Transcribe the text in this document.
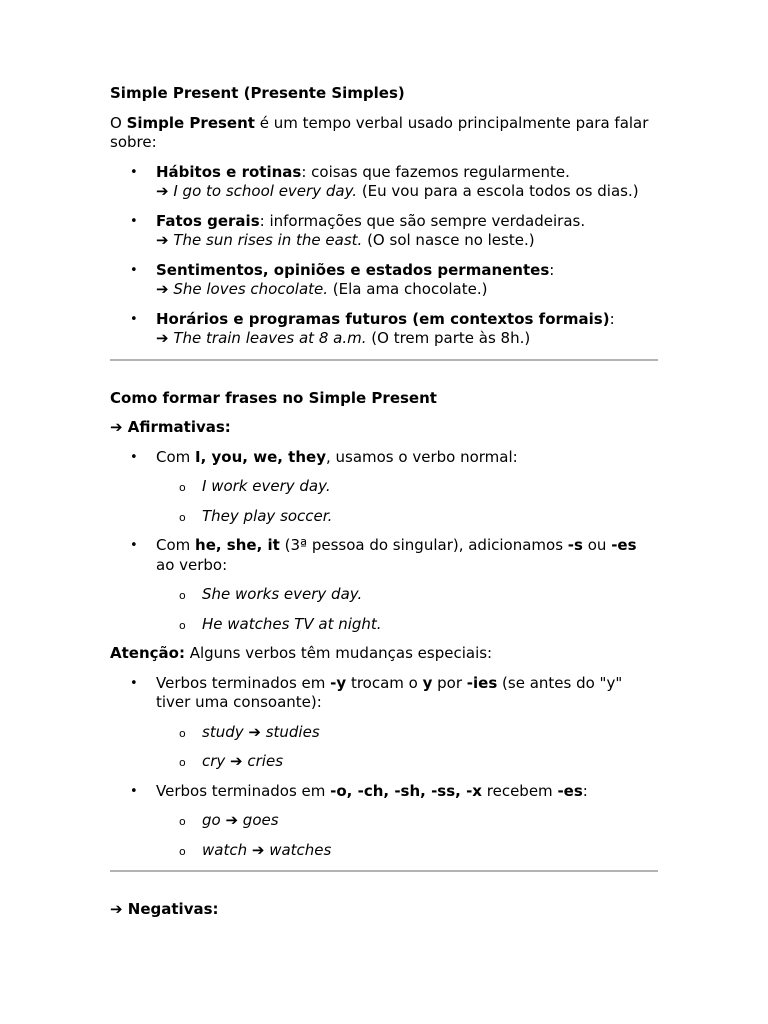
Simple Present (Presente Simples)

O Simple Present é um tempo verbal usado principalmente para falar sobre:

• Hábitos e rotinas: coisas que fazemos regularmente.
➔ I go to school every day. (Eu vou para a escola todos os dias.)
• Fatos gerais: informações que são sempre verdadeiras.
➔ The sun rises in the east. (O sol nasce no leste.)
• Sentimentos, opiniões e estados permanentes:
➔ She loves chocolate. (Ela ama chocolate.)
• Horários e programas futuros (em contextos formais):
➔ The train leaves at 8 a.m. (O trem parte às 8h.)
Como formar frases no Simple Present
➔ Afirmativas:
• Com I, you, we, they, usamos o verbo normal:
o I work every day.
o They play soccer.
• Com he, she, it (3ª pessoa do singular), adicionamos -s ou -es ao verbo:
o She works every day.
o He watches TV at night.

Atenção: Alguns verbos têm mudanças especiais:

• Verbos terminados em -y trocam o y por -ies (se antes do "y" tiver uma consoante):
o study ➔ studies
o cry ➔ cries
• Verbos terminados em -o, -ch, -sh, -ss, -x recebem -es:
o go ➔ goes
o watch ➔ watches
➔ Negativas:
